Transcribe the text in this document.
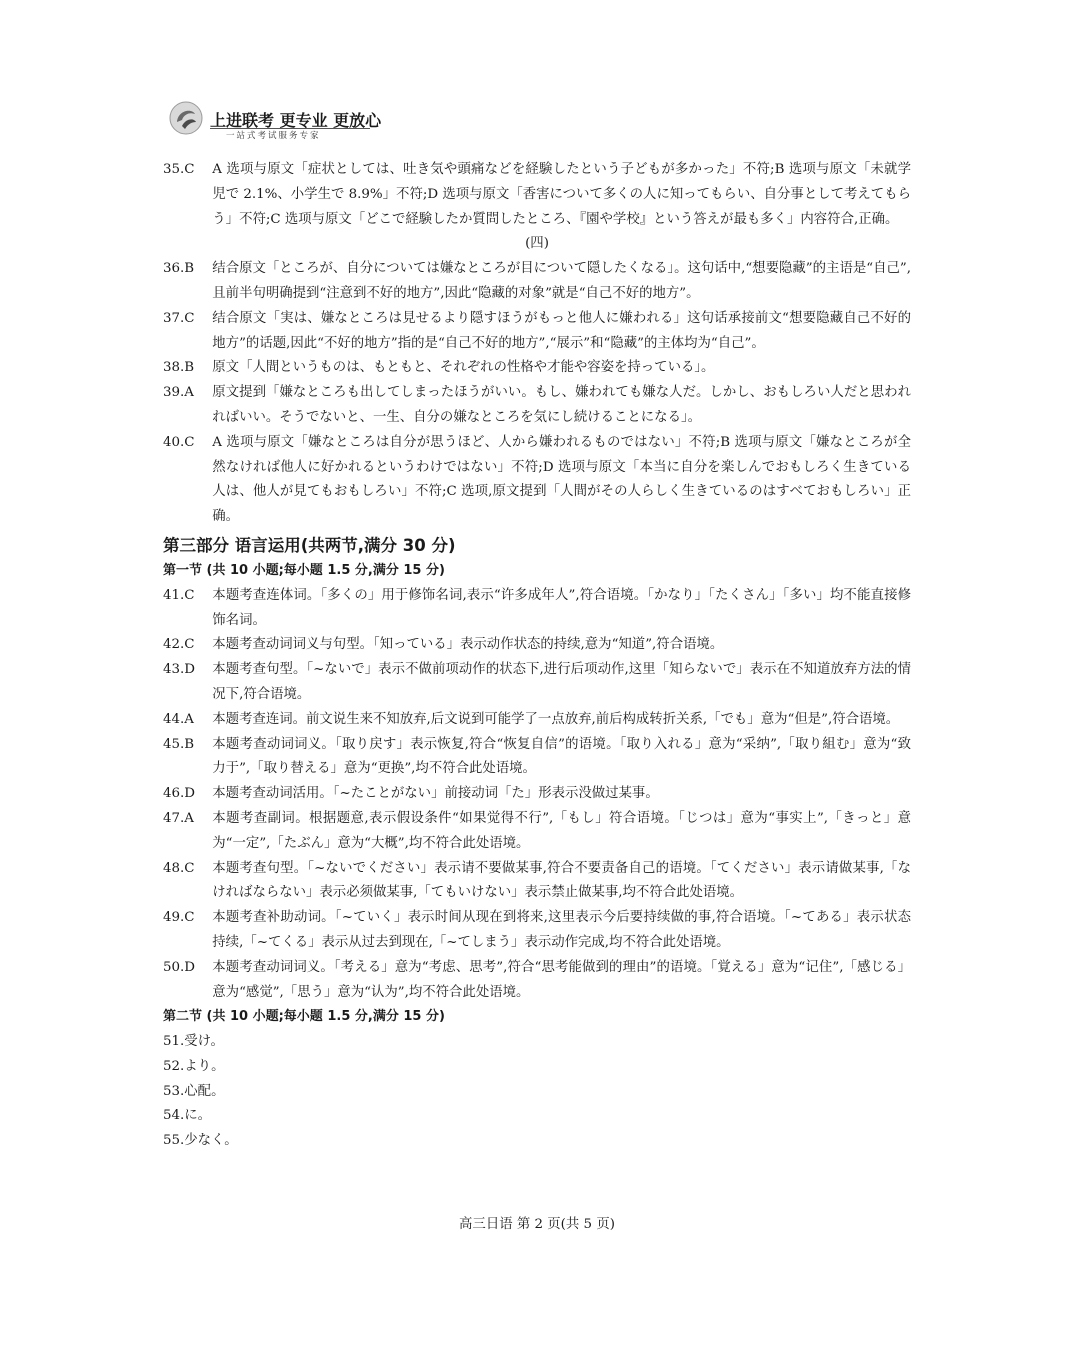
上进联考 更专业 更放心
一站式考试服务专家
35. C	A 选项与原文「症状としては、吐き気や頭痛などを経験したという子どもが多かった」不符;B 选项与原文「未就学児で 2.1%、小学生で 8.9%」不符;D 选项与原文「香害について多くの人に知ってもらい、自分事として考えてもらう」不符;C 选项与原文「どこで経験したか質問したところ、『園や学校』という答えが最も多く」内容符合,正确。
(四)
36. B	结合原文「ところが、自分については嫌なところが目について隠したくなる」。这句话中,“想要隐藏”的主语是“自己”,且前半句明确提到“注意到不好的地方”,因此“隐藏的对象”就是“自己不好的地方”。
37. C	结合原文「実は、嫌なところは見せるより隠すほうがもっと他人に嫌われる」这句话承接前文“想要隐藏自己不好的地方”的话题,因此“不好的地方”指的是“自己不好的地方”,“展示”和“隐藏”的主体均为“自己”。
38. B	原文「人間というものは、もともと、それぞれの性格や才能や容姿を持っている」。
39. A	原文提到「嫌なところも出してしまったほうがいい。もし、嫌われても嫌な人だ。しかし、おもしろい人だと思われればいい。そうでないと、一生、自分の嫌なところを気にし続けることになる」。
40. C	A 选项与原文「嫌なところは自分が思うほど、人から嫌われるものではない」不符;B 选项与原文「嫌なところが全然なければ他人に好かれるというわけではない」不符;D 选项与原文「本当に自分を楽しんでおもしろく生きている人は、他人が見てもおもしろい」不符;C 选项,原文提到「人間がその人らしく生きているのはすべておもしろい」正确。
第三部分 语言运用(共两节,满分 30 分)
第一节 (共 10 小题;每小题 1.5 分,满分 15 分)
41. C	本题考查连体词。「多くの」用于修饰名词,表示“许多成年人”,符合语境。「かなり」「たくさん」「多い」均不能直接修饰名词。
42. C	本题考查动词词义与句型。「知っている」表示动作状态的持续,意为“知道”,符合语境。
43. D	本题考查句型。「~ないで」表示不做前项动作的状态下,进行后项动作,这里「知らないで」表示在不知道放弃方法的情况下,符合语境。
44. A	本题考查连词。前文说生来不知放弃,后文说到可能学了一点放弃,前后构成转折关系,「でも」意为“但是”,符合语境。
45. B	本题考查动词词义。「取り戻す」表示恢复,符合“恢复自信”的语境。「取り入れる」意为“采纳”,「取り組む」意为“致力于”,「取り替える」意为“更换”,均不符合此处语境。
46. D	本题考查动词活用。「~たことがない」前接动词「た」形表示没做过某事。
47. A	本题考查副词。根据题意,表示假设条件“如果觉得不行”,「もし」符合语境。「じつは」意为“事实上”,「きっと」意为“一定”,「たぶん」意为“大概”,均不符合此处语境。
48. C	本题考查句型。「~ないでください」表示请不要做某事,符合不要责备自己的语境。「てください」表示请做某事,「なければならない」表示必须做某事,「てもいけない」表示禁止做某事,均不符合此处语境。
49. C	本题考查补助动词。「~ていく」表示时间从现在到将来,这里表示今后要持续做的事,符合语境。「~てある」表示状态持续,「~てくる」表示从过去到现在,「~てしまう」表示动作完成,均不符合此处语境。
50. D	本题考查动词词义。「考える」意为“考虑、思考”,符合“思考能做到的理由”的语境。「覚える」意为“记住”,「感じる」意为“感觉”,「思う」意为“认为”,均不符合此处语境。
第二节 (共 10 小题;每小题 1.5 分,满分 15 分)
51. 受け。
52. より。
53. 心配。
54. に。
55. 少なく。
高三日语 第 2 页(共 5 页)
